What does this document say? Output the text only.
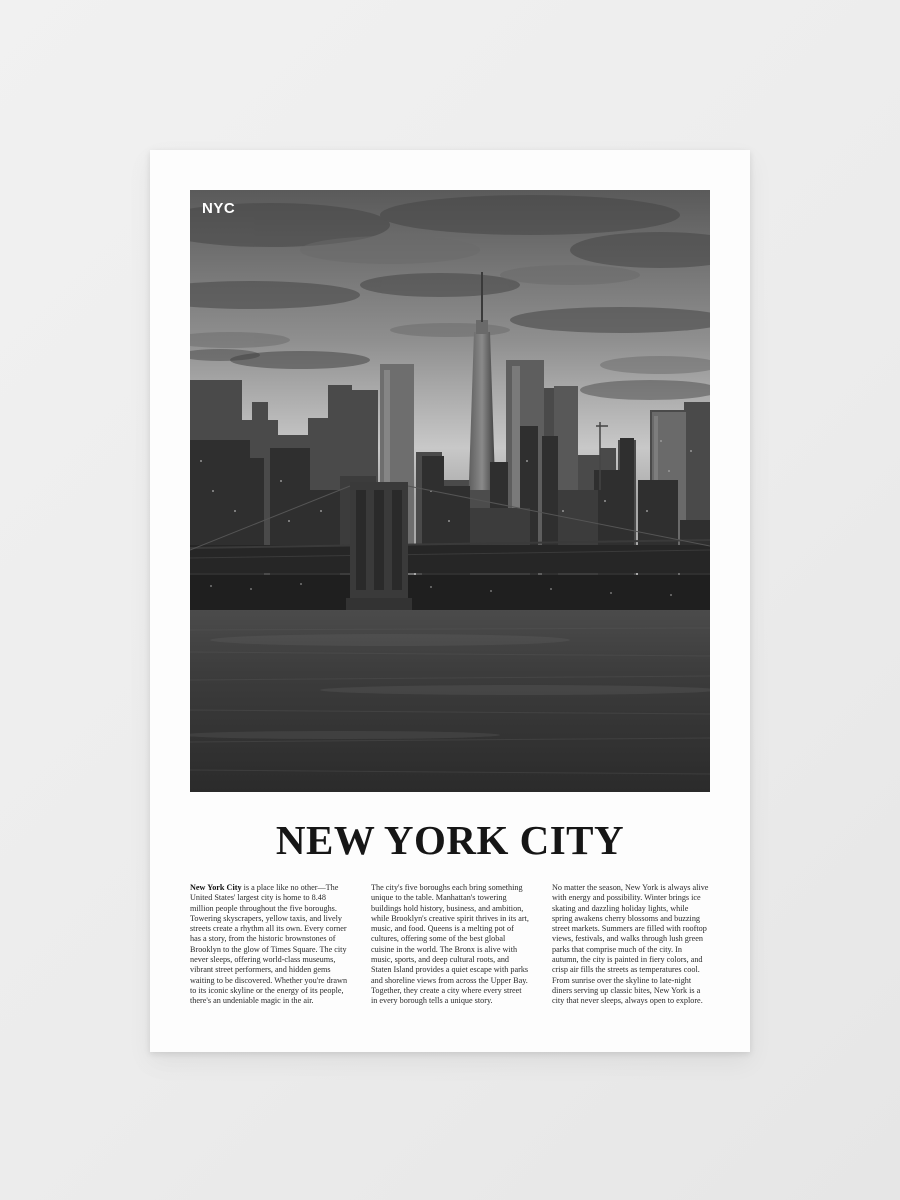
NYC
NEW YORK CITY

New York City is a place like no other—The United States' largest city is home to 8.48 million people throughout the five boroughs. Towering skyscrapers, yellow taxis, and lively streets create a rhythm all its own. Every corner has a story, from the historic brownstones of Brooklyn to the glow of Times Square. The city never sleeps, offering world-class museums, vibrant street performers, and hidden gems waiting to be discovered. Whether you're drawn to its iconic skyline or the energy of its people, there's an undeniable magic in the air.

The city's five boroughs each bring something unique to the table. Manhattan's towering buildings hold history, business, and ambition, while Brooklyn's creative spirit thrives in its art, music, and food. Queens is a melting pot of cultures, offering some of the best global cuisine in the world. The Bronx is alive with music, sports, and deep cultural roots, and Staten Island provides a quiet escape with parks and shoreline views from across the Upper Bay. Together, they create a city where every street in every borough tells a unique story.

No matter the season, New York is always alive with energy and possibility. Winter brings ice skating and dazzling holiday lights, while spring awakens cherry blossoms and buzzing street markets. Summers are filled with rooftop views, festivals, and walks through lush green parks that comprise much of the city. In autumn, the city is painted in fiery colors, and crisp air fills the streets as temperatures cool. From sunrise over the skyline to late-night diners serving up classic bites, New York is a city that never sleeps, always open to explore.
